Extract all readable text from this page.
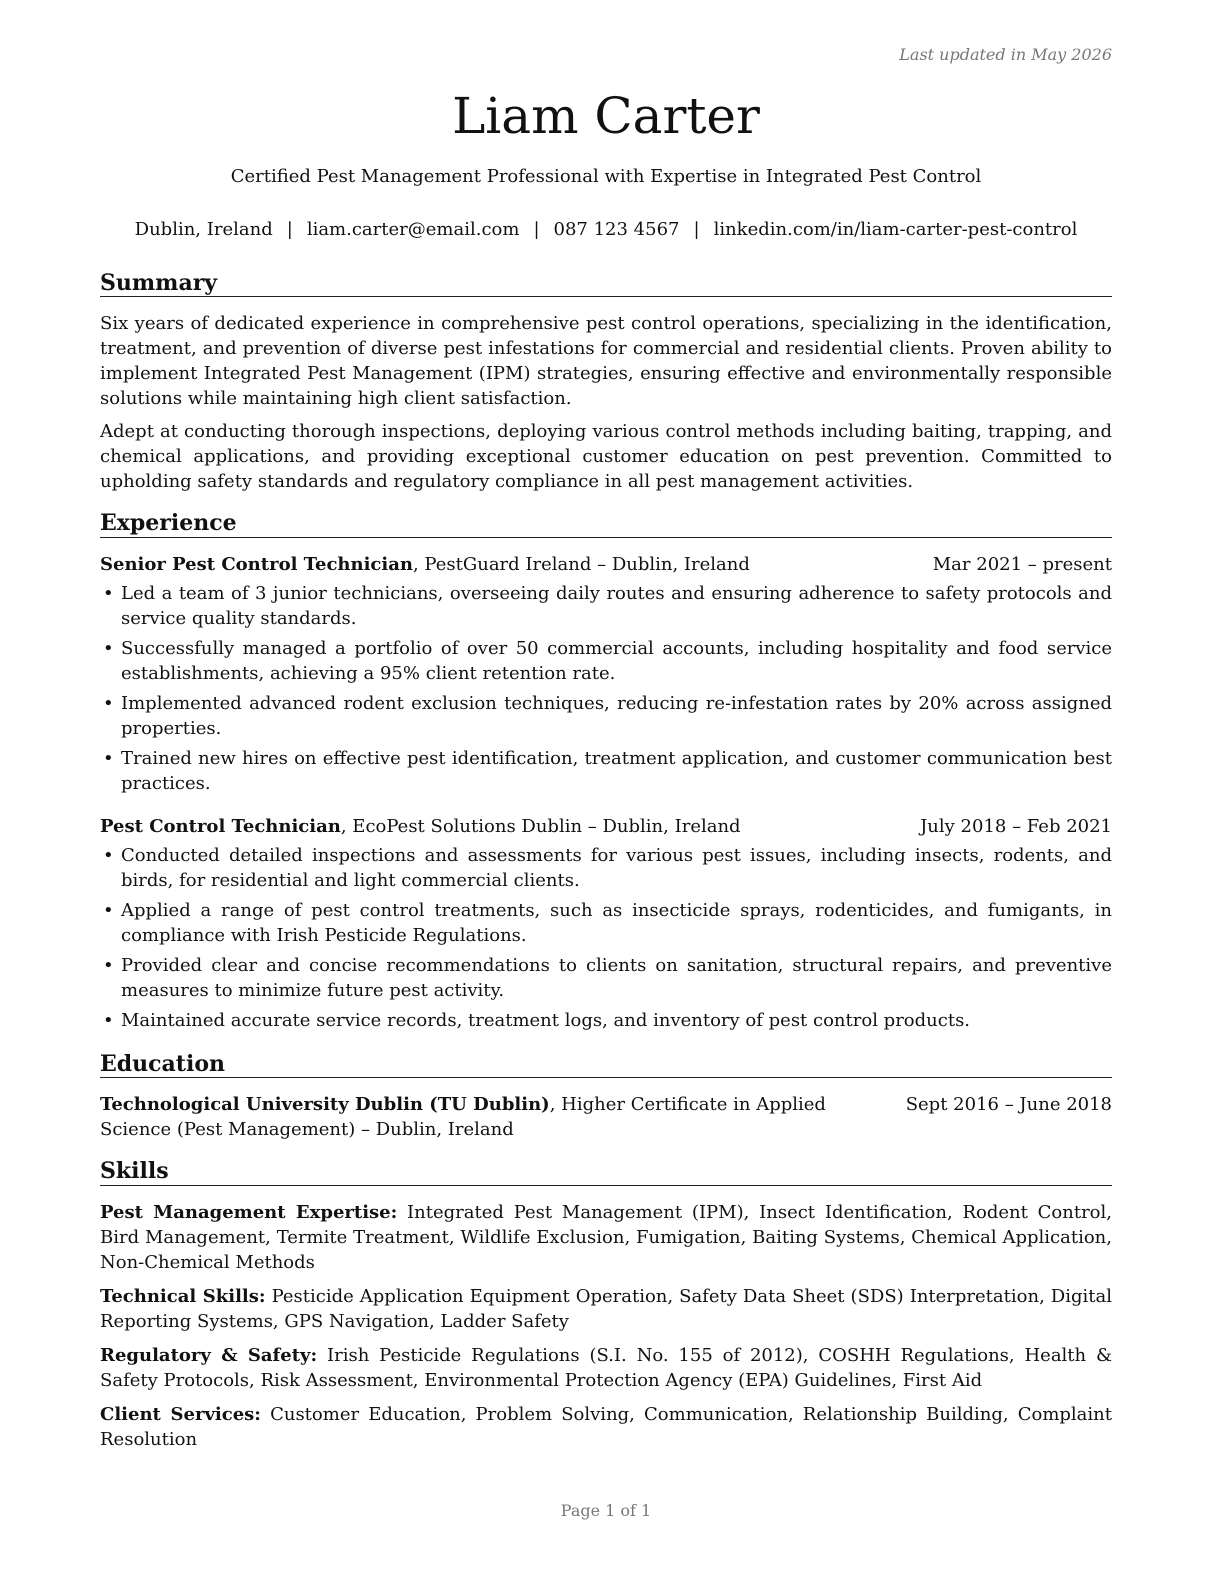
Last updated in May 2026
Liam Carter
Certified Pest Management Professional with Expertise in Integrated Pest Control
Dublin, Ireland | liam.carter@email.com | 087 123 4567 | linkedin.com/in/liam-carter-pest-control
Summary

Six years of dedicated experience in comprehensive pest control operations, specializing in the identification, treatment, and prevention of diverse pest infestations for commercial and residential clients. Proven ability to implement Integrated Pest Management (IPM) strategies, ensuring effective and environmentally responsible solutions while maintaining high client satisfaction.

Adept at conducting thorough inspections, deploying various control methods including baiting, trapping, and chemical applications, and providing exceptional customer education on pest prevention. Committed to upholding safety standards and regulatory compliance in all pest management activities.

Experience
Senior Pest Control Technician, PestGuard Ireland – Dublin, Ireland	Mar 2021 – present
• Led a team of 3 junior technicians, overseeing daily routes and ensuring adherence to safety protocols and service quality standards.
• Successfully managed a portfolio of over 50 commercial accounts, including hospitality and food service establishments, achieving a 95% client retention rate.
• Implemented advanced rodent exclusion techniques, reducing re-infestation rates by 20% across assigned properties.
• Trained new hires on effective pest identification, treatment application, and customer communication best practices.
Pest Control Technician, EcoPest Solutions Dublin – Dublin, Ireland	July 2018 – Feb 2021
• Conducted detailed inspections and assessments for various pest issues, including insects, rodents, and birds, for residential and light commercial clients.
• Applied a range of pest control treatments, such as insecticide sprays, rodenticides, and fumigants, in compliance with Irish Pesticide Regulations.
• Provided clear and concise recommendations to clients on sanitation, structural repairs, and preventive measures to minimize future pest activity.
• Maintained accurate service records, treatment logs, and inventory of pest control products.
Education
Technological University Dublin (TU Dublin), Higher Certificate in Applied Science (Pest Management) – Dublin, Ireland
Sept 2016 – June 2018
Skills

Pest Management Expertise: Integrated Pest Management (IPM), Insect Identification, Rodent Control, Bird Management, Termite Treatment, Wildlife Exclusion, Fumigation, Baiting Systems, Chemical Application, Non-Chemical Methods

Technical Skills: Pesticide Application Equipment Operation, Safety Data Sheet (SDS) Interpretation, Digital Reporting Systems, GPS Navigation, Ladder Safety

Regulatory & Safety: Irish Pesticide Regulations (S.I. No. 155 of 2012), COSHH Regulations, Health & Safety Protocols, Risk Assessment, Environmental Protection Agency (EPA) Guidelines, First Aid

Client Services: Customer Education, Problem Solving, Communication, Relationship Building, Complaint Resolution

Page 1 of 1
